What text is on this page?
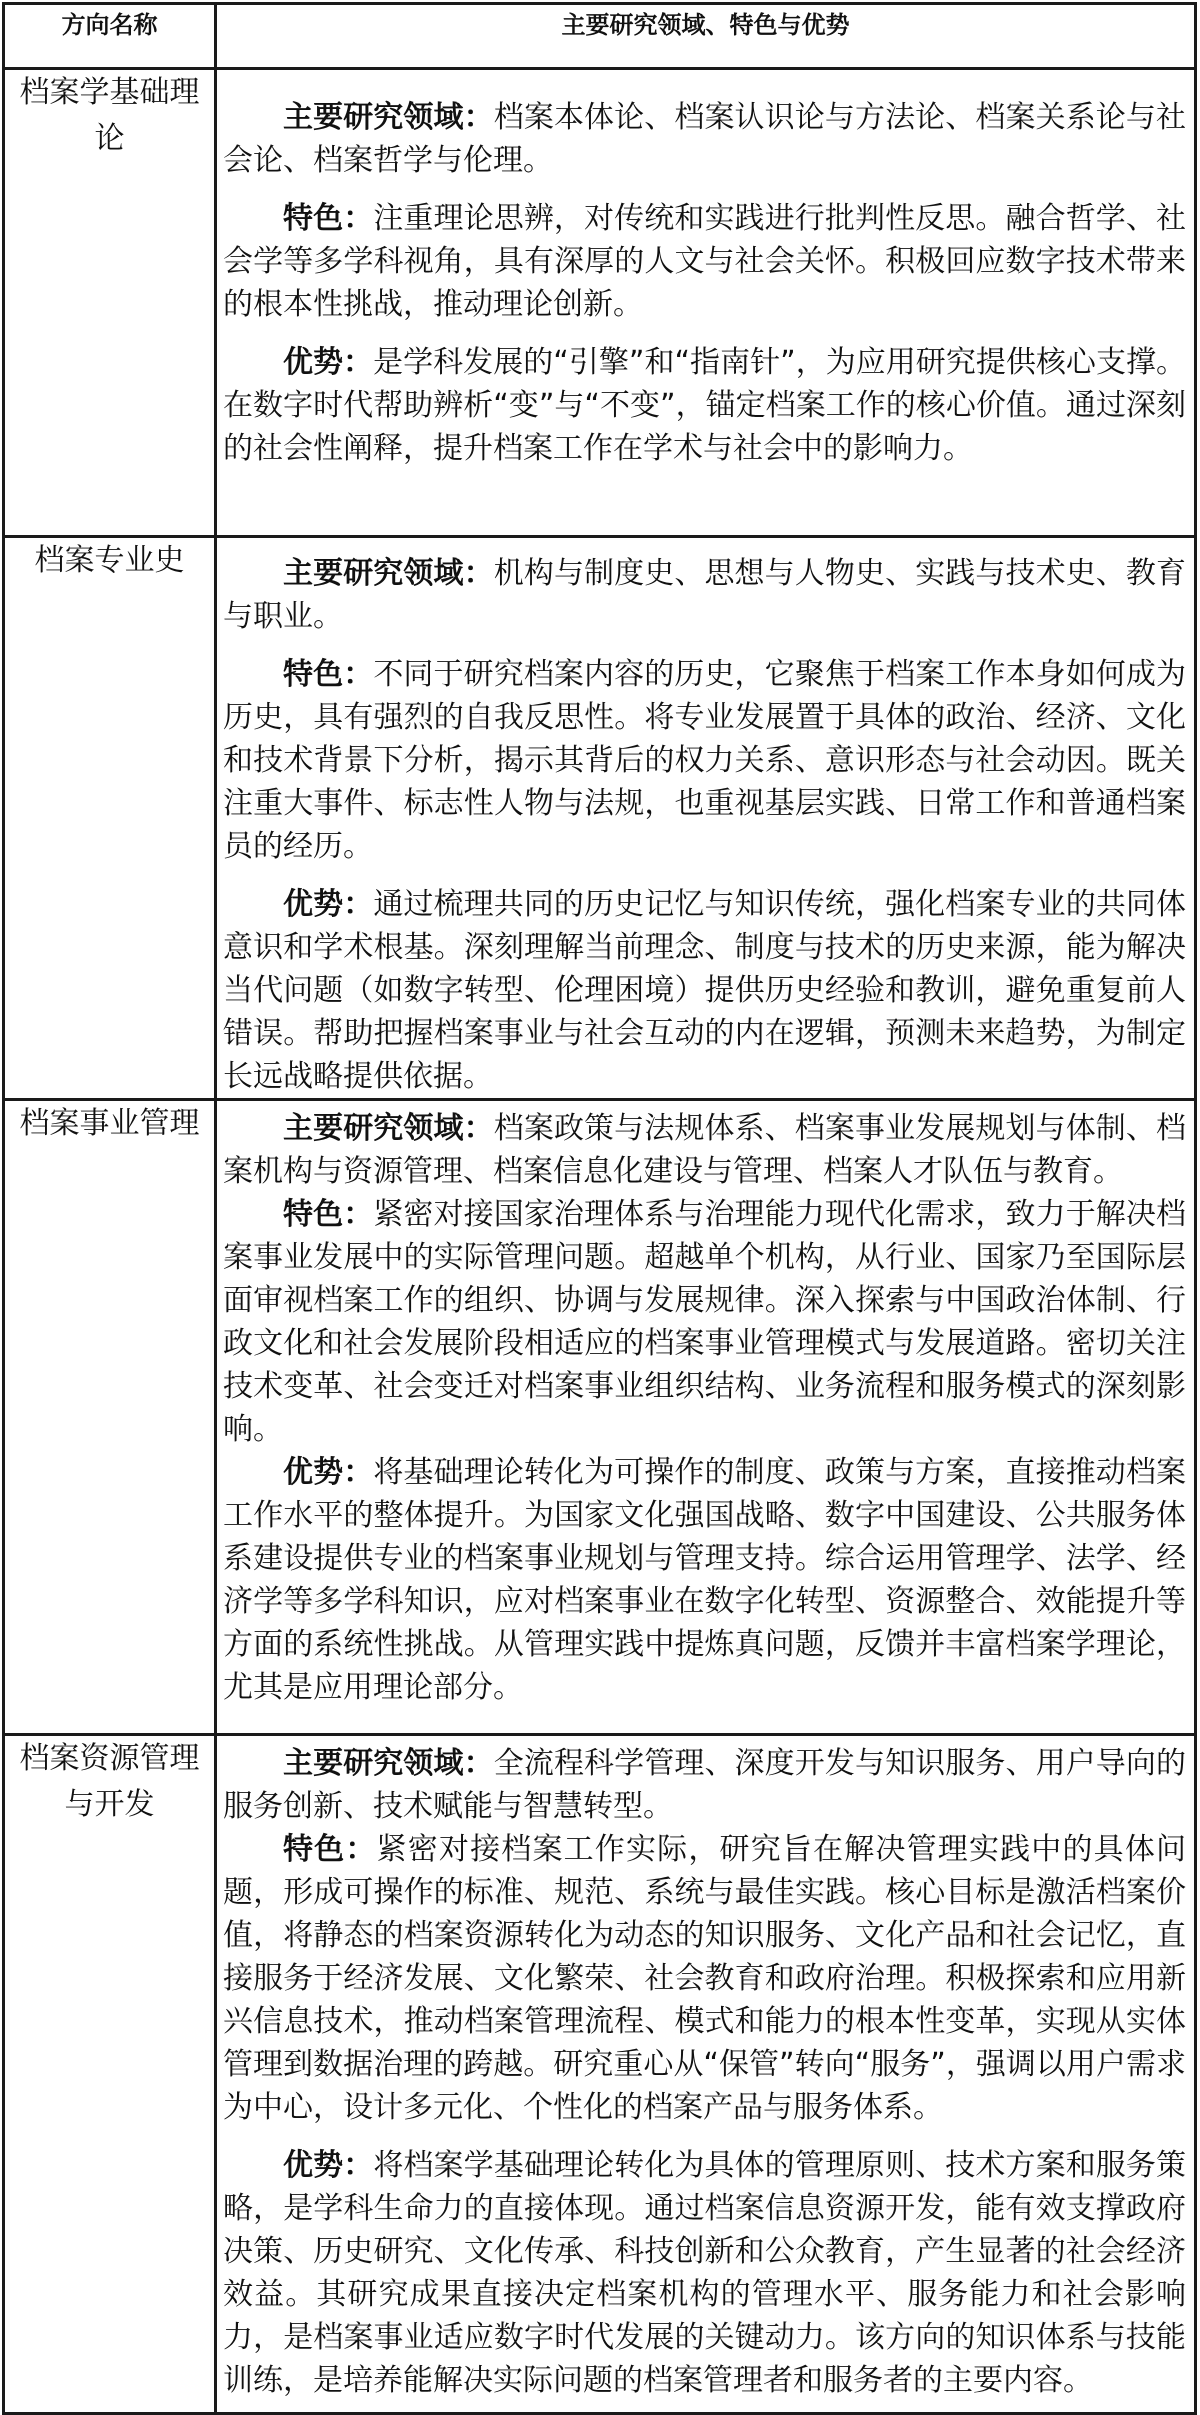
方向名称	主要研究领域、特色与优势
档案学基础理论	主要研究领域：档案本体论、档案认识论与方法论、档案关系论与社会论、档案哲学与伦理。

特色：注重理论思辨，对传统和实践进行批判性反思。融合哲学、社会学等多学科视角，具有深厚的人文与社会关怀。积极回应数字技术带来的根本性挑战，推动理论创新。

优势：是学科发展的“引擎”和“指南针”，为应用研究提供核心支撑。在数字时代帮助辨析“变”与“不变”，锚定档案工作的核心价值。通过深刻的社会性阐释，提升档案工作在学术与社会中的影响力。

档案专业史	主要研究领域：机构与制度史、思想与人物史、实践与技术史、教育与职业。

特色：不同于研究档案内容的历史，它聚焦于档案工作本身如何成为历史，具有强烈的自我反思性。将专业发展置于具体的政治、经济、文化和技术背景下分析，揭示其背后的权力关系、意识形态与社会动因。既关注重大事件、标志性人物与法规，也重视基层实践、日常工作和普通档案员的经历。

优势：通过梳理共同的历史记忆与知识传统，强化档案专业的共同体意识和学术根基。深刻理解当前理念、制度与技术的历史来源，能为解决当代问题（如数字转型、伦理困境）提供历史经验和教训，避免重复前人错误。帮助把握档案事业与社会互动的内在逻辑，预测未来趋势，为制定长远战略提供依据。

档案事业管理	主要研究领域：档案政策与法规体系、档案事业发展规划与体制、档案机构与资源管理、档案信息化建设与管理、档案人才队伍与教育。

特色：紧密对接国家治理体系与治理能力现代化需求，致力于解决档案事业发展中的实际管理问题。超越单个机构，从行业、国家乃至国际层面审视档案工作的组织、协调与发展规律。深入探索与中国政治体制、行政文化和社会发展阶段相适应的档案事业管理模式与发展道路。密切关注技术变革、社会变迁对档案事业组织结构、业务流程和服务模式的深刻影响。

优势：将基础理论转化为可操作的制度、政策与方案，直接推动档案工作水平的整体提升。为国家文化强国战略、数字中国建设、公共服务体系建设提供专业的档案事业规划与管理支持。综合运用管理学、法学、经济学等多学科知识，应对档案事业在数字化转型、资源整合、效能提升等方面的系统性挑战。从管理实践中提炼真问题，反馈并丰富档案学理论，尤其是应用理论部分。

档案资源管理与开发	主要研究领域：全流程科学管理、深度开发与知识服务、用户导向的服务创新、技术赋能与智慧转型。

特色：紧密对接档案工作实际，研究旨在解决管理实践中的具体问题，形成可操作的标准、规范、系统与最佳实践。核心目标是激活档案价值，将静态的档案资源转化为动态的知识服务、文化产品和社会记忆，直接服务于经济发展、文化繁荣、社会教育和政府治理。积极探索和应用新兴信息技术，推动档案管理流程、模式和能力的根本性变革，实现从实体管理到数据治理的跨越。研究重心从“保管”转向“服务”，强调以用户需求为中心，设计多元化、个性化的档案产品与服务体系。

优势：将档案学基础理论转化为具体的管理原则、技术方案和服务策略，是学科生命力的直接体现。通过档案信息资源开发，能有效支撑政府决策、历史研究、文化传承、科技创新和公众教育，产生显著的社会经济效益。其研究成果直接决定档案机构的管理水平、服务能力和社会影响力，是档案事业适应数字时代发展的关键动力。该方向的知识体系与技能训练，是培养能解决实际问题的档案管理者和服务者的主要内容。
